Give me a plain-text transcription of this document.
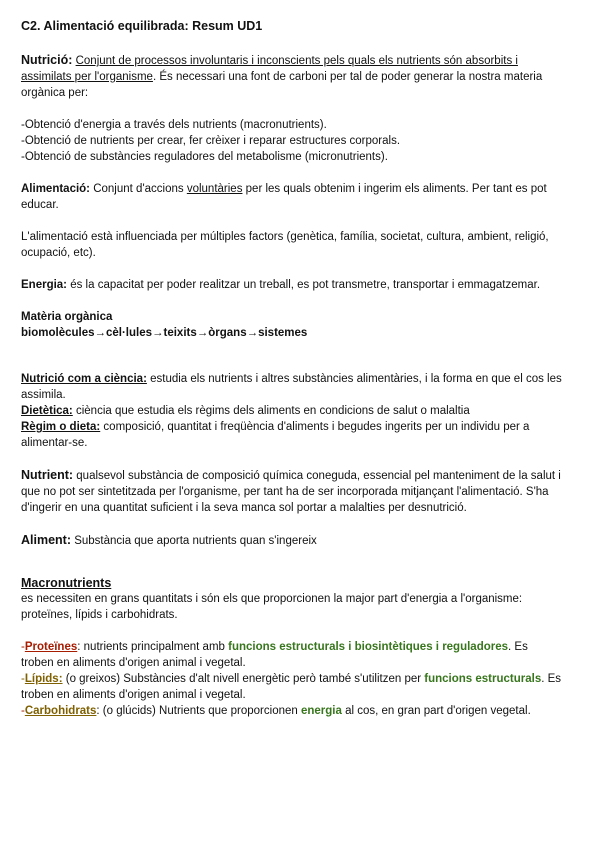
C2. Alimentació equilibrada: Resum UD1

Nutrició: Conjunt de processos involuntaris i inconscients pels quals els nutrients són absorbits i assimilats per l'organisme. És necessari una font de carboni per tal de poder generar la nostra materia orgànica per:

-Obtenció d'energia a través dels nutrients (macronutrients).

-Obtenció de nutrients per crear, fer crèixer i reparar estructures corporals.

-Obtenció de substàncies reguladores del metabolisme (micronutrients).

Alimentació: Conjunt d'accions voluntàries per les quals obtenim i ingerim els aliments. Per tant es pot educar.

L'alimentació està influenciada per múltiples factors (genètica, família, societat, cultura, ambient, religió, ocupació, etc).

Energia: és la capacitat per poder realitzar un treball, es pot transmetre, transportar i emmagatzemar.

Matèria orgànica

biomolècules→cèl·lules→teixits→òrgans→sistemes

Nutrició com a ciència: estudia els nutrients i altres substàncies alimentàries, i la forma en que el cos les assimila.

Dietètica: ciència que estudia els règims dels aliments en condicions de salut o malaltia

Règim o dieta: composició, quantitat i freqüència d'aliments i begudes ingerits per un individu per a alimentar-se.

Nutrient: qualsevol substància de composició química coneguda, essencial pel manteniment de la salut i que no pot ser sintetitzada per l'organisme, per tant ha de ser incorporada mitjançant l'alimentació. S'ha d'ingerir en una quantitat suficient i la seva manca sol portar a malalties per desnutrició.

Aliment: Substància que aporta nutrients quan s'ingereix

Macronutrients

es necessiten en grans quantitats i són els que proporcionen la major part d'energia a l'organisme: proteïnes, lípids i carbohidrats.

-Proteïnes: nutrients principalment amb funcions estructurals i biosintètiques i reguladores. Es troben en aliments d'origen animal i vegetal.

-Lípids: (o greixos) Substàncies d'alt nivell energètic però també s'utilitzen per funcions estructurals. Es troben en aliments d'origen animal i vegetal.

-Carbohidrats: (o glúcids) Nutrients que proporcionen energia al cos, en gran part d'origen vegetal.
